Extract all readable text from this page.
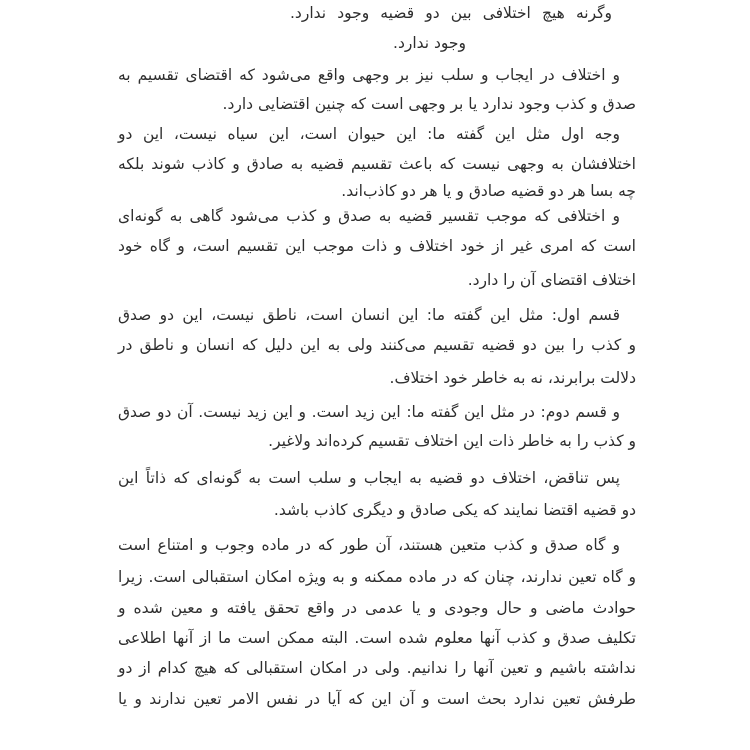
وگرنه هیچ اختلافی بین دو قضیه وجود ندارد.
وجود ندارد.
و اختلاف در ایجاب و سلب نیز بر وجهی واقع می‌شود که اقتضای تقسیم به
صدق و کذب وجود ندارد یا بر وجهی است که چنین اقتضایی دارد.
وجه اول مثل این گفته ما: این حیوان است، این سیاه نیست، این دو
اختلافشان به وجهی نیست که باعث تقسیم قضیه به صادق و کاذب شوند بلکه
چه بسا هر دو قضیه صادق و یا هر دو کاذب‌اند.
و اختلافی که موجب تقسیر قضیه به صدق و کذب می‌شود گاهی به گونه‌ای
است که امری غیر از خود اختلاف و ذات موجب این تقسیم است، و گاه خود
اختلاف اقتضای آن را دارد.
قسم اول: مثل این گفته ما: این انسان است، ناطق نیست، این دو صدق
و کذب را بین دو قضیه تقسیم می‌کنند ولی به این دلیل که انسان و ناطق در
دلالت برابرند، نه به خاطر خود اختلاف.
و قسم دوم: در مثل این گفته ما: این زید است. و این زید نیست. آن دو صدق
و کذب را به خاطر ذات این اختلاف تقسیم کرده‌اند ولاغیر.
پس تناقض، اختلاف دو قضیه به ایجاب و سلب است به گونه‌ای که ذاتاً این
دو قضیه اقتضا نمایند که یکی صادق و دیگری کاذب باشد.
و گاه صدق و کذب متعین هستند، آن طور که در ماده وجوب و امتناع است
و گاه تعین ندارند، چنان که در ماده ممکنه و به ویژه امکان استقبالی است. زیرا
حوادث ماضی و حال وجودی و یا عدمی در واقع تحقق یافته و معین شده و
تکلیف صدق و کذب آنها معلوم شده است. البته ممکن است ما از آنها اطلاعی
نداشته باشیم و تعین آنها را ندانیم. ولی در امکان استقبالی که هیچ کدام از دو
طرفش تعین ندارد بحث است و آن این که آیا در نفس الامر تعین ندارند و یا
